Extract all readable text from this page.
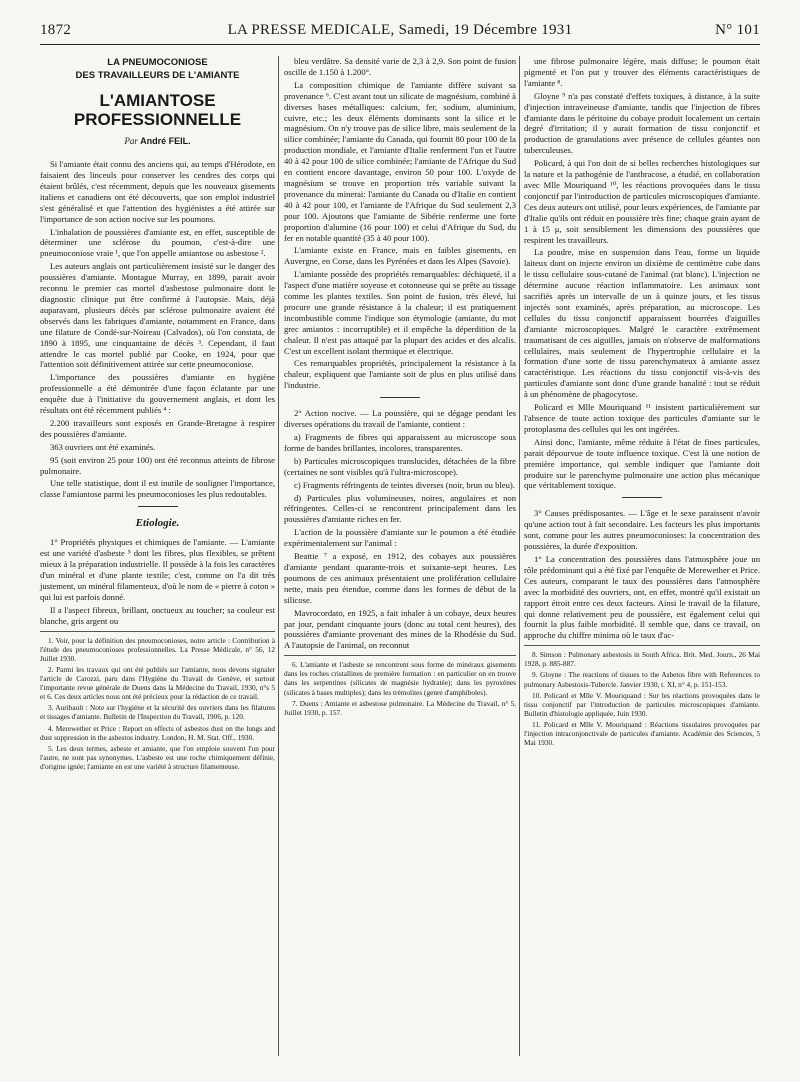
1872	LA PRESSE MEDICALE, Samedi, 19 Décembre 1931	N° 101
LA PNEUMOCONIOSE
DES TRAVAILLEURS DE L'AMIANTE
L'AMIANTOSE
PROFESSIONNELLE
Par André FEIL.

Si l'amiante était connu des anciens qui, au temps d'Hérodote, en faisaient des linceuls pour conserver les cendres des corps qui étaient brûlés, c'est récemment, depuis que les nouveaux gisements italiens et canadiens ont été découverts, que son emploi industriel s'est généralisé et que l'attention des hygiénistes a été attirée sur l'importance de son action nocive sur les poumons.

L'inhalation de poussières d'amiante est, en effet, susceptible de déterminer une sclérose du poumon, c'est-à-dire une pneumoconiose vraie ¹, que l'on appelle amiantose ou asbestose ².

Les auteurs anglais ont particulièrement insisté sur le danger des poussières d'amiante. Montague Murray, en 1899, parait avoir reconnu le premier cas mortel d'asbestose pulmonaire dont le diagnostic clinique put être confirmé à l'autopsie. Mais, déjà auparavant, plusieurs décès par sclérose pulmonaire avaient été observés dans les fabriques d'amiante, notamment en France, dans une filature de Condé-sur-Noireau (Calvados), où l'on constata, de 1890 à 1895, une cinquantaine de décès ³. Cependant, il faut attendre le cas mortel publié par Cooke, en 1924, pour que l'attention soit définitivement attirée sur cette pneumoconiose.

L'importance des poussières d'amiante en hygiène professionnelle a été démontrée d'une façon éclatante par une enquête due à l'initiative du gouvernement anglais, et dont les résultats ont été récemment publiés ⁴ :

2.200 travailleurs sont exposés en Grande-Bretagne à respirer des poussières d'amiante.

363 ouvriers ont été examinés.

95 (soit environ 25 pour 100) ont été reconnus atteints de fibrose pulmonaire.

Une telle statistique, dont il est inutile de souligner l'importance, classe l'amiantose parmi les pneumoconioses les plus redoutables.

Etiologie.

1° Propriétés physiques et chimiques de l'amiante. — L'amiante est une variété d'asbeste ⁵ dont les fibres, plus flexibles, se prêtent mieux à la préparation industrielle. Il possède à la fois les caractères d'un minéral et d'une plante textile; c'est, comme on l'a dit très justement, un minéral filamenteux, d'où le nom de « pierre à coton » qui lui est parfois donné.

Il a l'aspect fibreux, brillant, onctueux au toucher; sa couleur est blanche, gris argent ou

1. Voir, pour la définition des pneumoconioses, notre article : Contribution à l'étude des pneumoconioses professionnelles. La Presse Médicale, n° 56, 12 Juillet 1930.

2. Parmi les travaux qui ont été publiés sur l'amiante, nous devons signaler l'article de Carozzi, paru dans l'Hygiène du Travail de Genève, et surtout l'importante revue générale de Duens dans la Médecine du Travail, 1930, n°s 5 et 6. Ces deux articles nous ont été précieux pour la rédaction de ce travail.

3. Auribault : Note sur l'hygiène et la sécurité des ouvriers dans les filatures et tissages d'amiante. Bulletin de l'Inspection du Travail, 1906, p. 120.

4. Merewether et Price : Report on effects of asbestos dust on the lungs and dust suppression in the asbestos industry. London, H. M. Stat. Off., 1930.

5. Les deux termes, asbeste et amiante, que l'on emploie souvent l'un pour l'autre, ne sont pas synonymes. L'asbeste est une roche chimiquement définie, d'origine ignée; l'amiante en est une variété à structure filamenteuse.

bleu verdâtre. Sa densité varie de 2,3 à 2,9. Son point de fusion oscille de 1.150 à 1.200°.

La composition chimique de l'amiante diffère suivant sa provenance ⁶. C'est avant tout un silicate de magnésium, combiné à diverses bases métalliques: calcium, fer, sodium, aluminium, cuivre, etc.; les deux éléments dominants sont la silice et le magnésium. On n'y trouve pas de silice libre, mais seulement de la silice combinée; l'amiante du Canada, qui fournit 80 pour 100 de la production mondiale, et l'amiante d'Italie renferment l'un et l'autre 40 à 42 pour 100 de silice combinée; l'amiante de l'Afrique du Sud en contient encore davantage, environ 50 pour 100. L'oxyde de magnésium se trouve en proportion très variable suivant la provenance du minerai: l'amiante du Canada ou d'Italie en contient 40 à 42 pour 100, et l'amiante de l'Afrique du Sud seulement 2,3 pour 100. Ajoutons que l'amiante de Sibérie renferme une forte proportion d'alumine (16 pour 100) et celui d'Afrique du Sud, du fer en notable quantité (35 à 40 pour 100).

L'amiante existe en France, mais en faibles gisements, en Auvergne, en Corse, dans les Pyrénées et dans les Alpes (Savoie).

L'amiante possède des propriétés remarquables: déchiqueté, il a l'aspect d'une matière soyeuse et cotonneuse qui se prête au tissage comme les plantes textiles. Son point de fusion, très élevé, lui procure une grande résistance à la chaleur; il est pratiquement incombustible comme l'indique son étymologie (amiante, du mot grec amiantos : incorruptible) et il empêche la déperdition de la chaleur. Il n'est pas attaqué par la plupart des acides et des alcalis. C'est un excellent isolant thermique et électrique.

Ces remarquables propriétés, principalement la résistance à la chaleur, expliquent que l'amiante soit de plus en plus utilisé dans l'industrie.

2° Action nocive. — La poussière, qui se dégage pendant les diverses opérations du travail de l'amiante, contient :

a) Fragments de fibres qui apparaissent au microscope sous forme de bandes brillantes, incolores, transparentes.

b) Particules microscopiques translucides, détachées de la fibre (certaines ne sont visibles qu'à l'ultra-microscope).

c) Fragments réfringents de teintes diverses (noir, brun ou bleu).

d) Particules plus volumineuses, noires, angulaires et non réfringentes. Celles-ci se rencontrent principalement dans les poussières d'amiante riches en fer.

L'action de la poussière d'amiante sur le poumon a été étudiée expérimentalement sur l'animal :

Beattie ⁷ a exposé, en 1912, des cobayes aux poussières d'amiante pendant quarante-trois et soixante-sept heures. Les poumons de ces animaux présentaient une prolifération cellulaire nette, mais peu étendue, comme dans les formes de début de la silicose.

Mavrocordato, en 1925, a fait inhaler à un cobaye, deux heures par jour, pendant cinquante jours (donc au total cent heures), des poussières d'amiante provenant des mines de la Rhodésie du Sud. A l'autopsie de l'animal, on reconnut

6. L'amiante et l'asbeste se rencontrent sous forme de minéraux gisements dans les roches cristallines de première formation : en particulier on en trouve dans les serpentines (silicates de magnésie hydratée); dans les pyroxènes (silicates à bases multiples); dans les trémolites (genre d'amphiboles).

7. Duens : Amiante et asbestose pulmonaire. La Médecine du Travail, n° 5, Juillet 1930, p. 157.

une fibrose pulmonaire légère, mais diffuse; le poumon était pigmenté et l'on put y trouver des éléments caractéristiques de l'amiante ⁸.

Gloyne ⁹ n'a pas constaté d'effets toxiques, à distance, à la suite d'injection intraveineuse d'amiante, tandis que l'injection de fibres d'amiante dans le péritoine du cobaye produit localement un certain degré d'irritation; il y aurait formation de tissu conjonctif et production de granulations avec présence de cellules géantes non tuberculeuses.

Policard, à qui l'on doit de si belles recherches histologiques sur la nature et la pathogénie de l'anthracose, a étudié, en collaboration avec Mlle Mouriquand ¹⁰, les réactions provoquées dans le tissu conjonctif par l'introduction de particules microscopiques d'amiante. Ces deux auteurs ont utilisé, pour leurs expériences, de l'amiante par d'Italie qu'ils ont réduit en poussière très fine; chaque grain ayant de 1 à 15 μ, soit sensiblement les dimensions des poussières que respirent les travailleurs.

La poudre, mise en suspension dans l'eau, forme un liquide laiteux dont on injecte environ un dixième de centimètre cube dans le tissu cellulaire sous-cutané de l'animal (rat blanc). L'injection ne détermine aucune réaction inflammatoire. Les animaux sont sacrifiés après un intervalle de un à quinze jours, et les tissus injectés sont examinés, après préparation, au microscope. Les cellules du tissu conjonctif apparaissent bourrées d'aiguilles d'amiante microscopiques. Malgré le caractère extrêmement traumatisant de ces aiguilles, jamais on n'observe de malformations cellulaires, mais seulement de l'hypertrophie cellulaire et la formation d'une sorte de tissu parenchymateux à amiante assez caractéristique. Les réactions du tissu conjonctif vis-à-vis des particules d'amiante sont donc d'une grande banalité : tout se réduit à un phénomène de phagocytose.

Policard et Mlle Mouriquand ¹¹ insistent particulièrement sur l'absence de toute action toxique des particules d'amiante sur le protoplasma des cellules qui les ont ingérées.

Ainsi donc, l'amiante, même réduite à l'état de fines particules, parait dépourvue de toute influence toxique. C'est là une notion de première importance, qui semble indiquer que l'amiante doit produire sur le parenchyme pulmonaire une action plus mécanique que véritablement toxique.

3° Causes prédisposantes. — L'âge et le sexe paraissent n'avoir qu'une action tout à fait secondaire. Les facteurs les plus importants sont, comme pour les autres pneumoconioses: la concentration des poussières, la durée d'exposition.

1° La concentration des poussières dans l'atmosphère joue un rôle prédominant qui a été fixé par l'enquête de Merewether et Price. Ces auteurs, comparant le taux des poussières dans l'atmosphère avec la morbidité des ouvriers, ont, en effet, montré qu'il existait un rapport étroit entre ces deux facteurs. Ainsi le travail de la filature, qui donne relativement peu de poussière, est également celui qui fournit la plus faible morbidité. Il semble que, dans ce travail, on approche du chiffre minima où le taux d'ac-

8. Simson : Pulmonary asbestosis in South Africa. Brit. Med. Journ., 26 Mai 1928, p. 885-887.

9. Gloyne : The reactions of tissues to the Asbetos fibre with References to pulmonary Asbestosis-Tubercle. Janvier 1930, t. XI, n° 4, p. 151-153.

10. Policard et Mlle V. Mouriquand : Sur les réactions provoquées dans le tissu conjonctif par l'introduction de particules microscopiques d'amiante. Bulletin d'histologie appliquée, Juin 1930.

11. Policard et Mlle V. Mouriquand : Réactions tissulaires provoquées par l'injection intraconjonctivale de particules d'amiante. Académie des Sciences, 5 Mai 1930.
